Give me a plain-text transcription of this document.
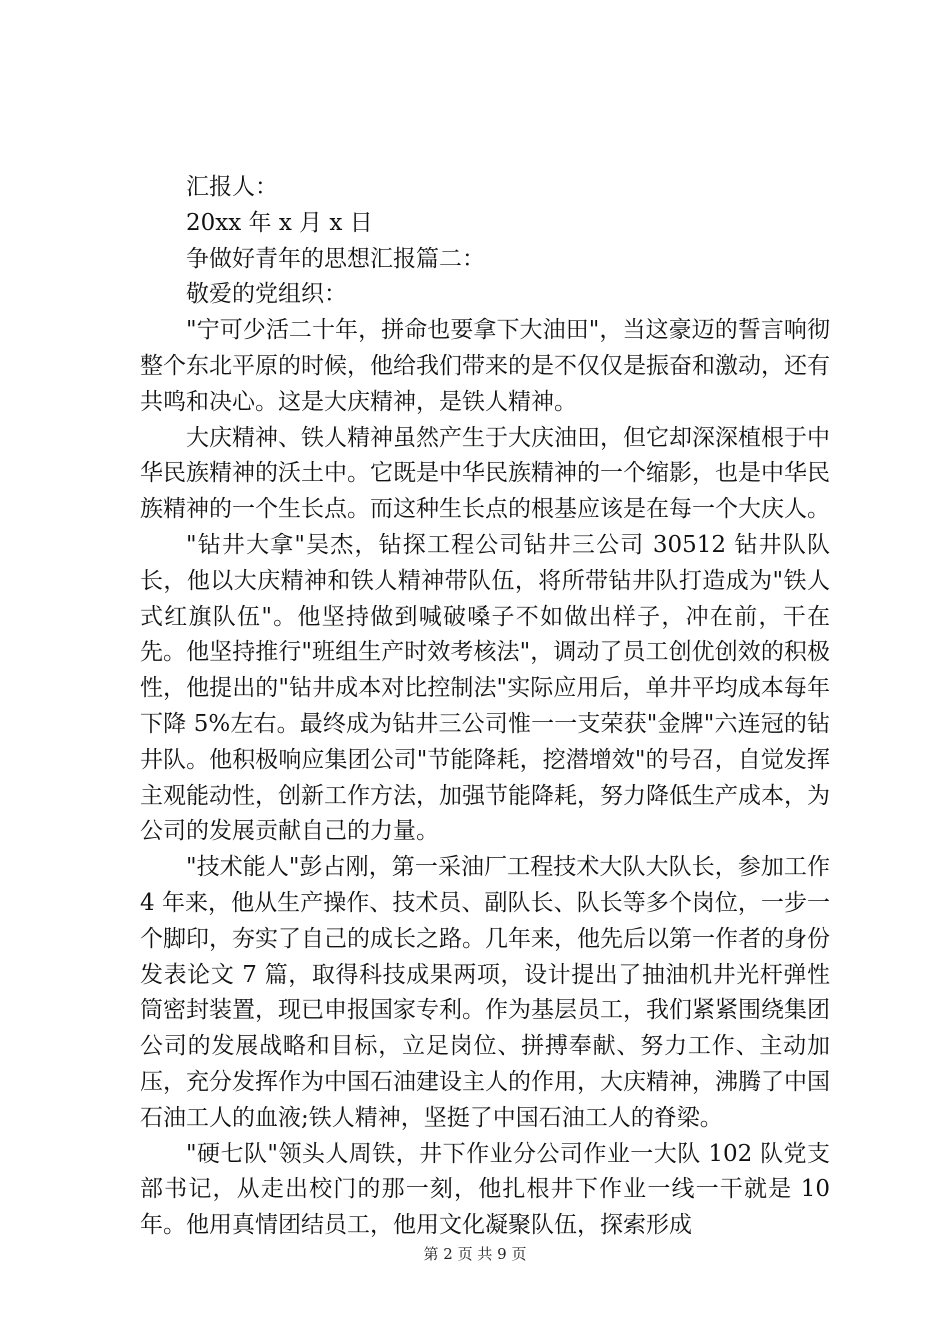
汇报人：

20xx 年 x 月 x 日

争做好青年的思想汇报篇二：

敬爱的党组织：

"宁可少活二十年，拼命也要拿下大油田"，当这豪迈的誓言响彻整个东北平原的时候，他给我们带来的是不仅仅是振奋和激动，还有共鸣和决心。这是大庆精神，是铁人精神。

大庆精神、铁人精神虽然产生于大庆油田，但它却深深植根于中华民族精神的沃土中。它既是中华民族精神的一个缩影，也是中华民族精神的一个生长点。而这种生长点的根基应该是在每一个大庆人。

"钻井大拿"吴杰，钻探工程公司钻井三公司 30512 钻井队队长，他以大庆精神和铁人精神带队伍，将所带钻井队打造成为"铁人式红旗队伍"。他坚持做到喊破嗓子不如做出样子，冲在前，干在先。他坚持推行"班组生产时效考核法"，调动了员工创优创效的积极性，他提出的"钻井成本对比控制法"实际应用后，单井平均成本每年下降 5%左右。最终成为钻井三公司惟一一支荣获"金牌"六连冠的钻井队。他积极响应集团公司"节能降耗，挖潜增效"的号召，自觉发挥主观能动性，创新工作方法，加强节能降耗，努力降低生产成本，为公司的发展贡献自己的力量。

"技术能人"彭占刚，第一采油厂工程技术大队大队长，参加工作 4 年来，他从生产操作、技术员、副队长、队长等多个岗位，一步一个脚印，夯实了自己的成长之路。几年来，他先后以第一作者的身份发表论文 7 篇，取得科技成果两项，设计提出了抽油机井光杆弹性筒密封装置，现已申报国家专利。作为基层员工，我们紧紧围绕集团公司的发展战略和目标，立足岗位、拼搏奉献、努力工作、主动加压，充分发挥作为中国石油建设主人的作用，大庆精神，沸腾了中国石油工人的血液;铁人精神，坚挺了中国石油工人的脊梁。

"硬七队"领头人周铁，井下作业分公司作业一大队 102 队党支部书记，从走出校门的那一刻，他扎根井下作业一线一干就是 10 年。他用真情团结员工，他用文化凝聚队伍，探索形成

第 2 页 共 9 页
